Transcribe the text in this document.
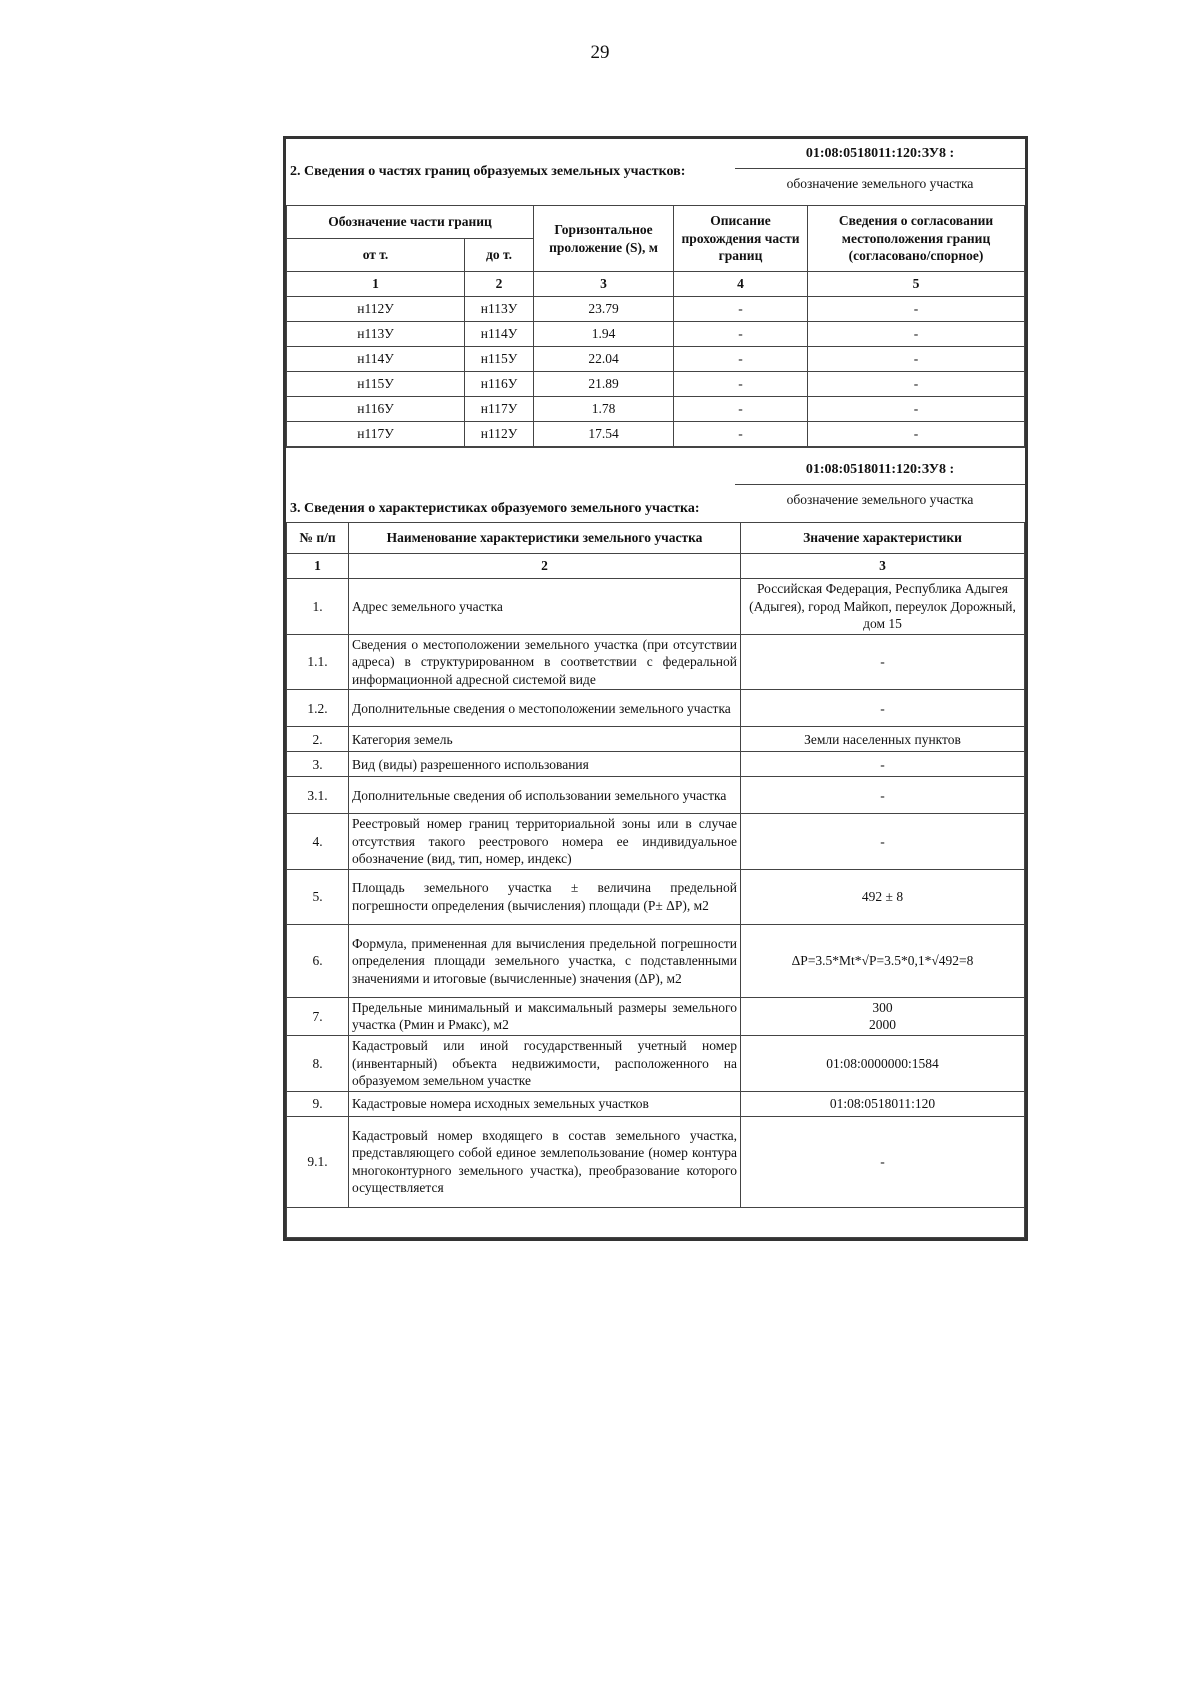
29
2. Сведения о частях границ образуемых земельных участков:
01:08:0518011:120:ЗУ8 :
обозначение земельного участка
Обозначение части границ		Горизонтальное проложение (S), м	Описание прохождения части границ	Сведения о согласовании местоположения границ (согласовано/спорное)
от т.	до т.			
1	2	3	4	5
н112У	н113У	23.79	-	-
н113У	н114У	1.94	-	-
н114У	н115У	22.04	-	-
н115У	н116У	21.89	-	-
н116У	н117У	1.78	-	-
н117У	н112У	17.54	-	-
3. Сведения о характеристиках образуемого земельного участка:
01:08:0518011:120:ЗУ8 :
обозначение земельного участка
№ п/п	Наименование характеристики земельного участка	Значение характеристики
1	2	3
1.	Адрес земельного участка	Российская Федерация, Республика Адыгея (Адыгея), город Майкоп, переулок Дорожный, дом 15
1.1.	Сведения о местоположении земельного участка (при отсутствии адреса) в структурированном в соответствии с федеральной информационной адресной системой виде	-
1.2.	Дополнительные сведения о местоположении земельного участка	-
2.	Категория земель	Земли населенных пунктов
3.	Вид (виды) разрешенного использования	-
3.1.	Дополнительные сведения об использовании земельного участка	-
4.	Реестровый номер границ территориальной зоны или в случае отсутствия такого реестрового номера ее индивидуальное обозначение (вид, тип, номер, индекс)	-
5.	Площадь земельного участка ± величина предельной погрешности определения (вычисления) площади (P± ΔP), м2	492 ± 8
6.	Формула, примененная для вычисления предельной погрешности определения площади земельного участка, с подставленными значениями и итоговые (вычисленные) значения (ΔP), м2	ΔP=3.5*Mt*√P=3.5*0,1*√492=8
7.	Предельные минимальный и максимальный размеры земельного участка (Pмин и Pмакс), м2	300
2000

8.	Кадастровый или иной государственный учетный номер (инвентарный) объекта недвижимости, расположенного на образуемом земельном участке	01:08:0000000:1584
9.	Кадастровые номера исходных земельных участков	01:08:0518011:120
9.1.	Кадастровый номер входящего в состав земельного участка, представляющего собой единое землепользование (номер контура многоконтурного земельного участка), преобразование которого осуществляется	-
